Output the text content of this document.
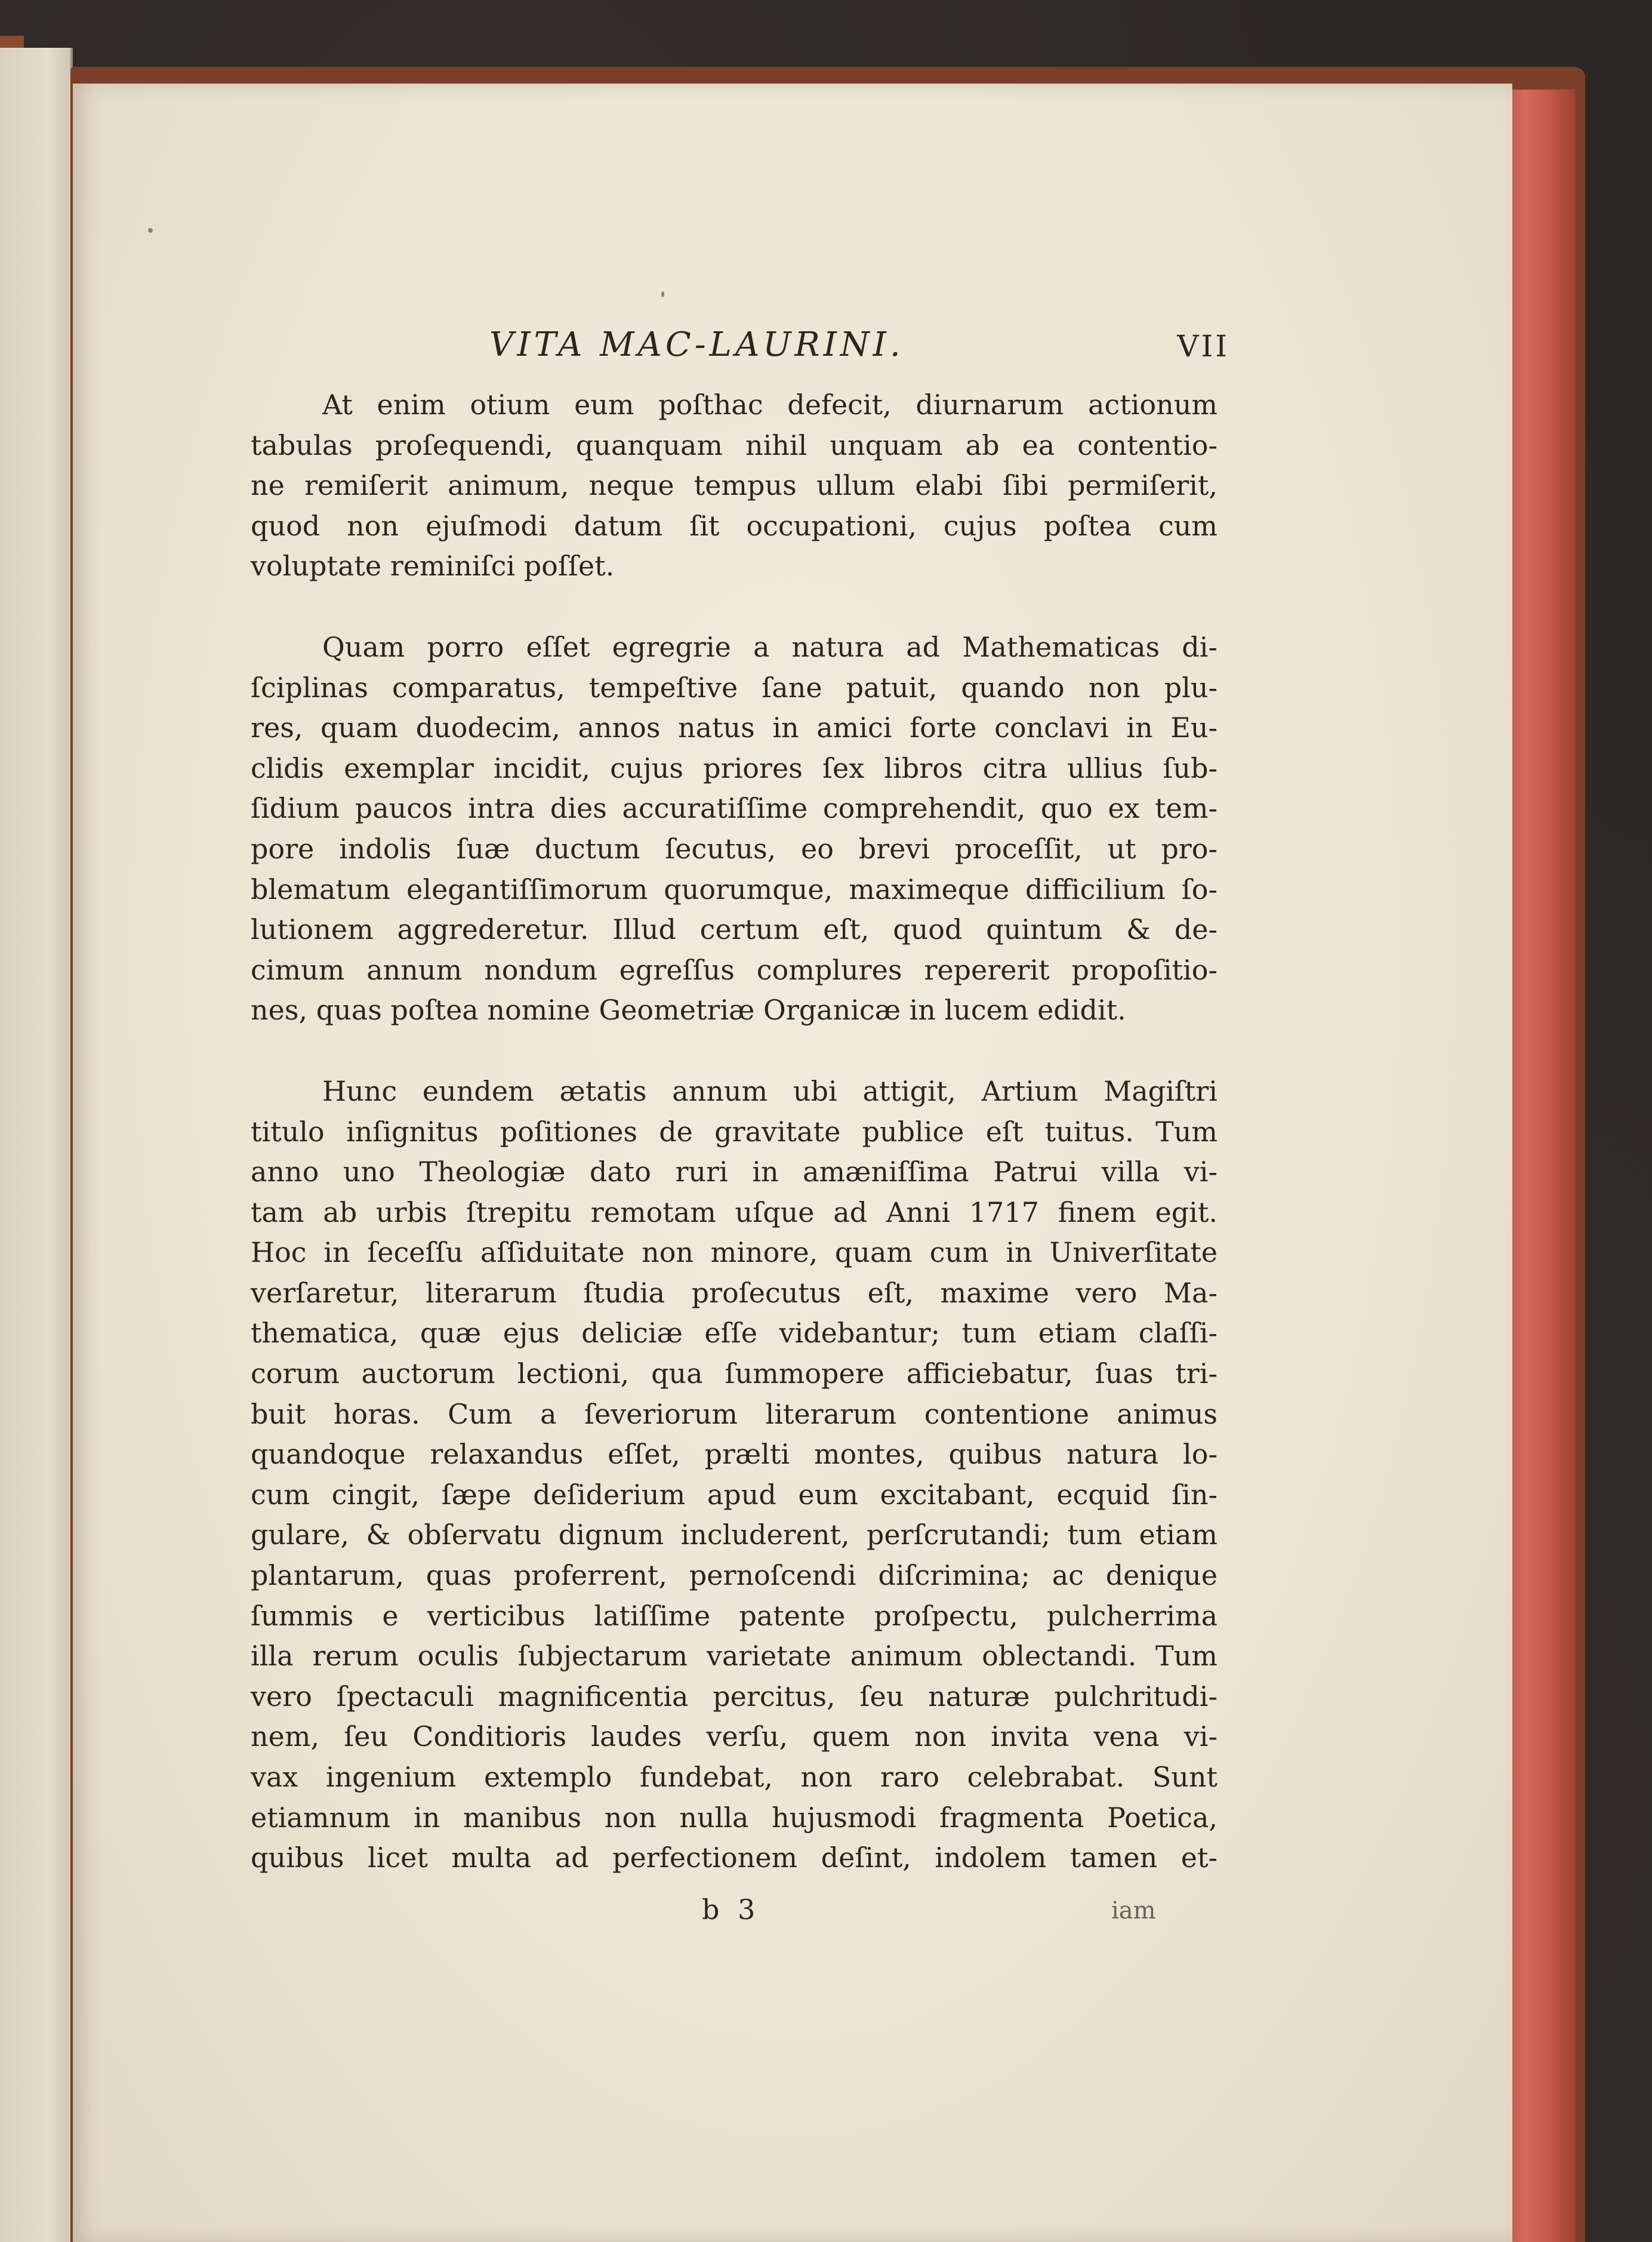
VITA MAC-LAURINI.	VII
At enim otium eum poſthac defecit, diurnarum actionum
tabulas proſequendi, quanquam nihil unquam ab ea contentio-
ne remiſerit animum, neque tempus ullum elabi ſibi permiſerit,
quod non ejuſmodi datum ſit occupationi, cujus poſtea cum
voluptate reminiſci poſſet.
Quam porro eſſet egregrie a natura ad Mathematicas di-
ſciplinas comparatus, tempeſtive ſane patuit, quando non plu-
res, quam duodecim, annos natus in amici forte conclavi in Eu-
clidis exemplar incidit, cujus priores ſex libros citra ullius ſub-
ſidium paucos intra dies accuratiſſime comprehendit, quo ex tem-
pore indolis ſuæ ductum ſecutus, eo brevi proceſſit, ut pro-
blematum elegantiſſimorum quorumque, maximeque difficilium ſo-
lutionem aggrederetur. Illud certum eſt, quod quintum & de-
cimum annum nondum egreſſus complures repererit propoſitio-
nes, quas poſtea nomine Geometriæ Organicæ in lucem edidit.
Hunc eundem ætatis annum ubi attigit, Artium Magiſtri
titulo inſignitus poſitiones de gravitate publice eſt tuitus. Tum
anno uno Theologiæ dato ruri in amæniſſima Patrui villa vi-
tam ab urbis ſtrepitu remotam uſque ad Anni 1717 finem egit.
Hoc in ſeceſſu aſſiduitate non minore, quam cum in Univerſitate
verſaretur, literarum ſtudia proſecutus eſt, maxime vero Ma-
thematica, quæ ejus deliciæ eſſe videbantur; tum etiam claſſi-
corum auctorum lectioni, qua ſummopere afficiebatur, ſuas tri-
buit horas. Cum a ſeveriorum literarum contentione animus
quandoque relaxandus eſſet, prælti montes, quibus natura lo-
cum cingit, ſæpe deſiderium apud eum excitabant, ecquid ſin-
gulare, & obſervatu dignum includerent, perſcrutandi; tum etiam
plantarum, quas proferrent, pernoſcendi diſcrimina; ac denique
ſummis e verticibus latiſſime patente proſpectu, pulcherrima
illa rerum oculis ſubjectarum varietate animum oblectandi. Tum
vero ſpectaculi magnificentia percitus, ſeu naturæ pulchritudi-
nem, ſeu Conditioris laudes verſu, quem non invita vena vi-
vax ingenium extemplo fundebat, non raro celebrabat. Sunt
etiamnum in manibus non nulla hujusmodi fragmenta Poetica,
quibus licet multa ad perfectionem deſint, indolem tamen et-
b 3	iam
